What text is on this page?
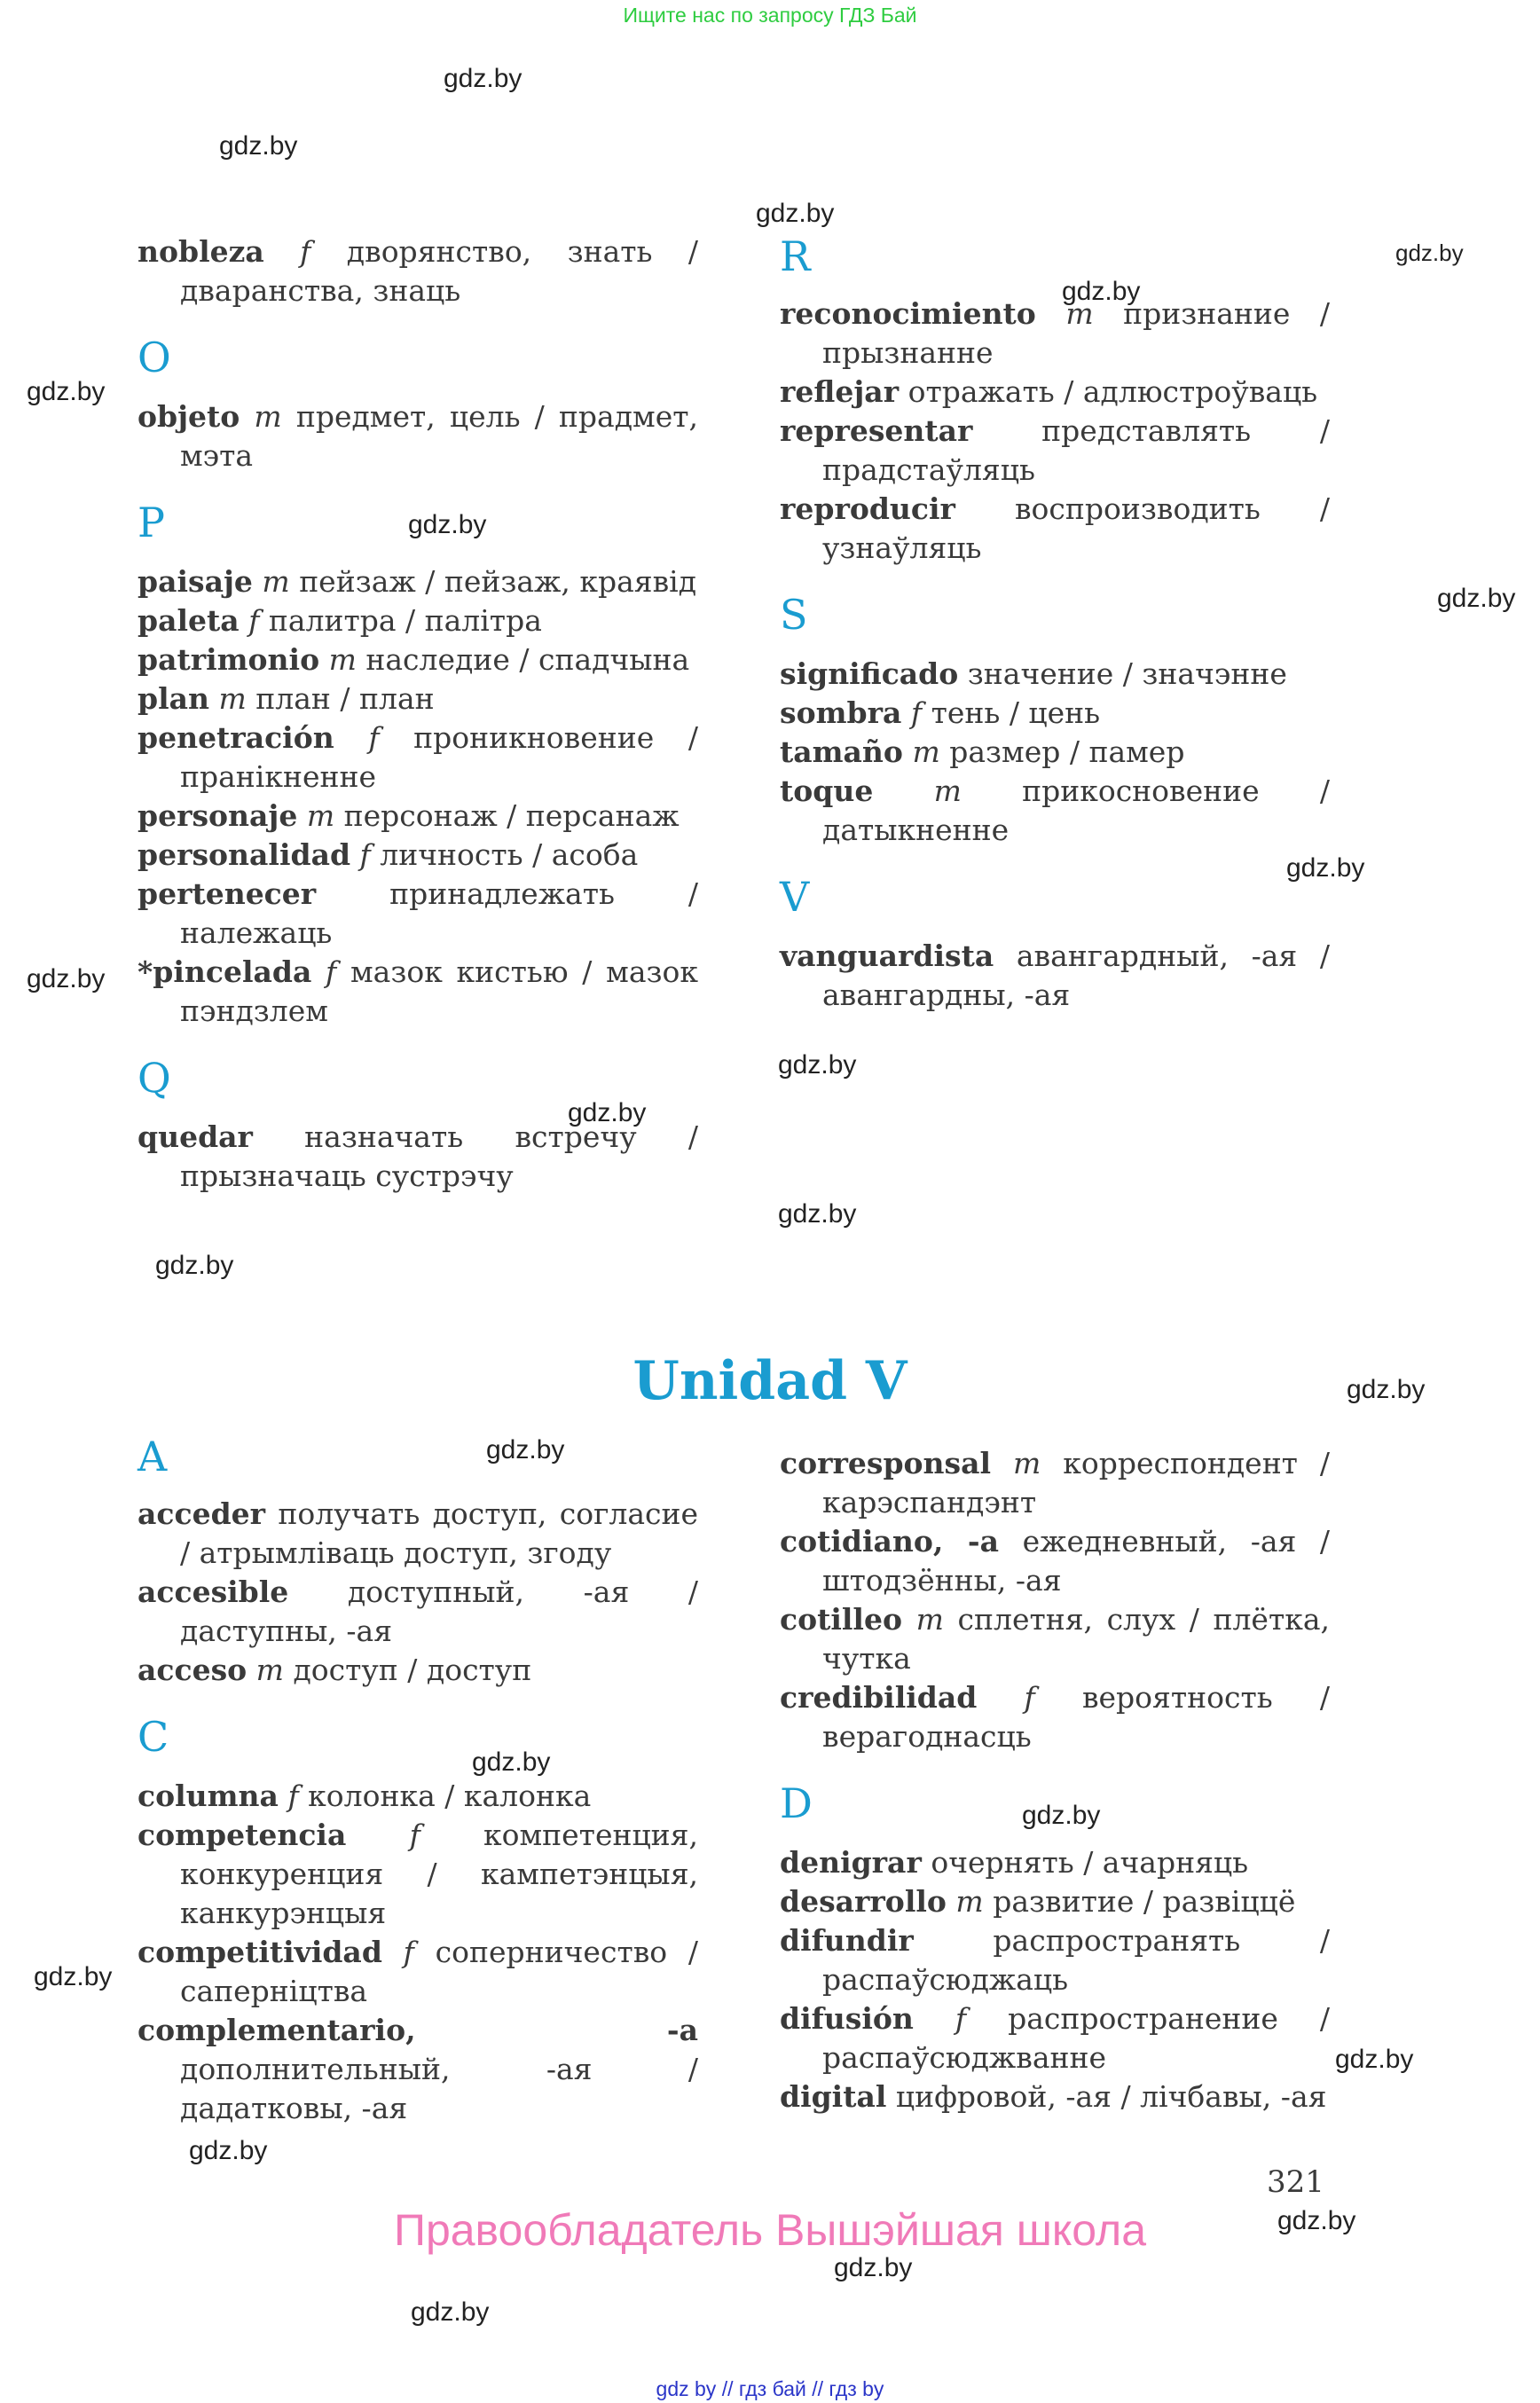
Ищите нас по запросу ГДЗ Бай
gdz.by
gdz.by
gdz.by
gdz.by
gdz.by
gdz.by
gdz.by
gdz.by
gdz.by
gdz.by
gdz.by
gdz.by
gdz.by
gdz.by
gdz.by
gdz.by
gdz.by
gdz.by
gdz.by
gdz.by
gdz.by
gdz.by
gdz.by
gdz.by
nobleza f дворянство, знать / дваранства, знаць
O
objeto m предмет, цель / прадмет, мэта
P
paisaje m пейзаж / пейзаж, краявід
paleta f палитра / палітра
patrimonio m наследие / спадчына
plan m план / план
penetración f проникновение / пранікненне
personaje m персонаж / персанаж
personalidad f личность / асоба
pertenecer	принадлежать / належаць
*pincelada f мазок кистью / мазок пэндзлем
Q
quedar назначать встречу / прызначаць сустрэчу
R
reconocimiento m признание / прызнанне
reflejar отражать / адлюстроўваць
representar представлять / прадстаўляць
reproducir воспроизводить / узнаўляць
S
significado значение / значэнне
sombra f тень / цень
tamaño m размер / памер
toque m прикосновение / датыкненне
V
vanguardista авангардный, -ая / авангардны, -ая
Unidad V
A
acceder получать доступ, согласие / атрымліваць доступ, згоду
accesible доступный, -ая / даступны, -ая
acceso m доступ / доступ
C
columna f колонка / калонка
competencia f компетенция, конкуренция / кампетэнцыя, канкурэнцыя
competitividad f соперничество / саперніцтва
complementario, -a дополнительный, -ая / дадатковы, -ая
corresponsal m корреспондент / карэспандэнт
cotidiano, -a ежедневный, -ая / штодзённы, -ая
cotilleo m сплетня, слух / плётка, чутка
credibilidad f вероятность / верагоднасць
D
denigrar очернять / ачарняць
desarrollo m развитие / развіццё
difundir	распространять / распаўсюджаць
difusión f распространение / распаўсюджванне
digital цифровой, -ая / лічбавы, -ая
321
Правообладатель Вышэйшая школа
gdz by // гдз бай // гдз by
